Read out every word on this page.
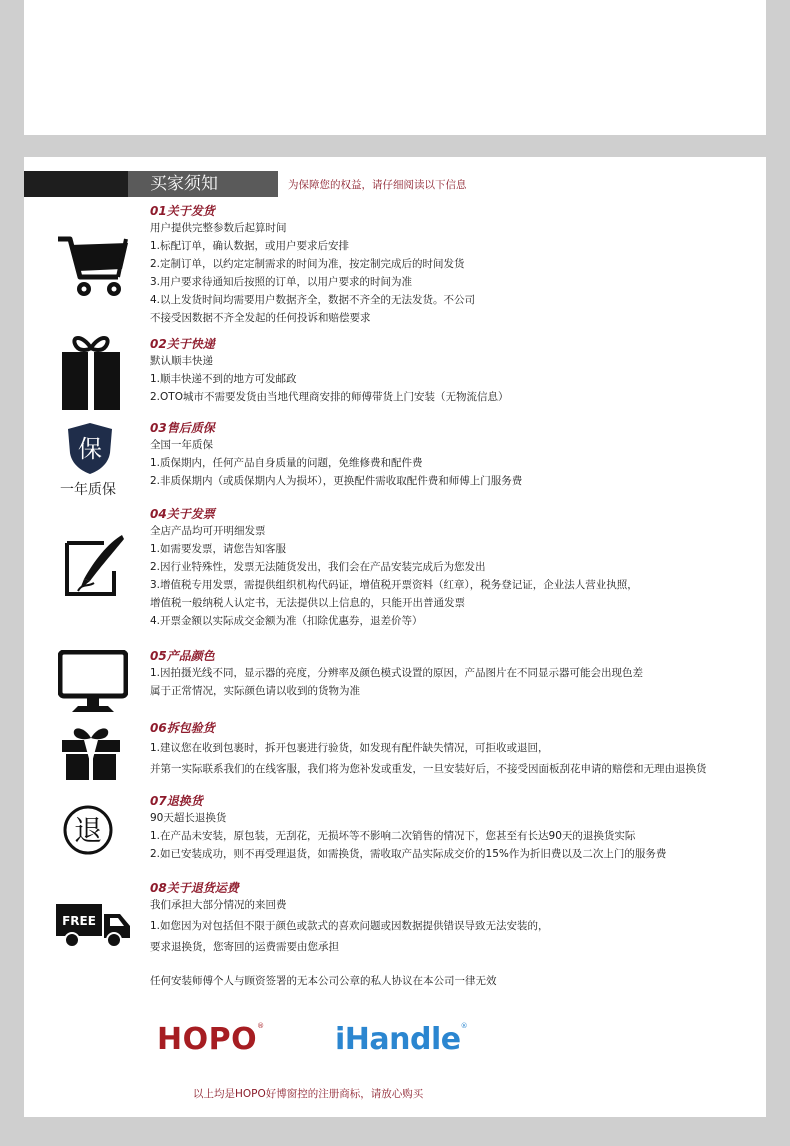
买家须知	为保障您的权益，请仔细阅读以下信息
保
一年质保
退
FREE
01关于发货
用户提供完整参数后起算时间
1.标配订单，确认数据，或用户要求后安排
2.定制订单，以约定定制需求的时间为准，按定制完成后的时间发货
3.用户要求待通知后按照的订单，以用户要求的时间为准
4.以上发货时间均需要用户数据齐全，数据不齐全的无法发货。不公司
不接受因数据不齐全发起的任何投诉和赔偿要求
02关于快递
默认顺丰快递
1.顺丰快递不到的地方可发邮政
2.OTO城市不需要发货由当地代理商安排的师傅带货上门安装（无物流信息）
03售后质保
全国一年质保
1.质保期内，任何产品自身质量的问题，免维修费和配件费
2.非质保期内（或质保期内人为损坏），更换配件需收取配件费和师傅上门服务费
04关于发票
全店产品均可开明细发票
1.如需要发票，请您告知客服
2.因行业特殊性，发票无法随货发出，我们会在产品安装完成后为您发出
3.增值税专用发票，需提供组织机构代码证，增值税开票资料（红章），税务登记证，企业法人营业执照，
增值税一般纳税人认定书，无法提供以上信息的，只能开出普通发票
4.开票金额以实际成交金额为准（扣除优惠券，退差价等）
05产品颜色
1.因拍摄光线不同，显示器的亮度，分辨率及颜色模式设置的原因，产品图片在不同显示器可能会出现色差
属于正常情况，实际颜色请以收到的货物为准
06拆包验货
1.建议您在收到包裹时，拆开包裹进行验货，如发现有配件缺失情况，可拒收或退回，
并第一实际联系我们的在线客服，我们将为您补发或重发，一旦安装好后，不接受因面板刮花申请的赔偿和无理由退换货
07退换货
90天超长退换货
1.在产品未安装，原包装，无刮花，无损坏等不影响二次销售的情况下，您甚至有长达90天的退换货实际
2.如已安装成功，则不再受理退货，如需换货，需收取产品实际成交价的15%作为折旧费以及二次上门的服务费
08关于退货运费
我们承担大部分情况的来回费
1.如您因为对包括但不限于颜色或款式的喜欢问题或因数据提供错误导致无法安装的，
要求退换货，您寄回的运费需要由您承担
任何安装师傅个人与顾资签署的无本公司公章的私人协议在本公司一律无效
HOPO® iHandle®
以上均是HOPO好博窗控的注册商标，请放心购买
